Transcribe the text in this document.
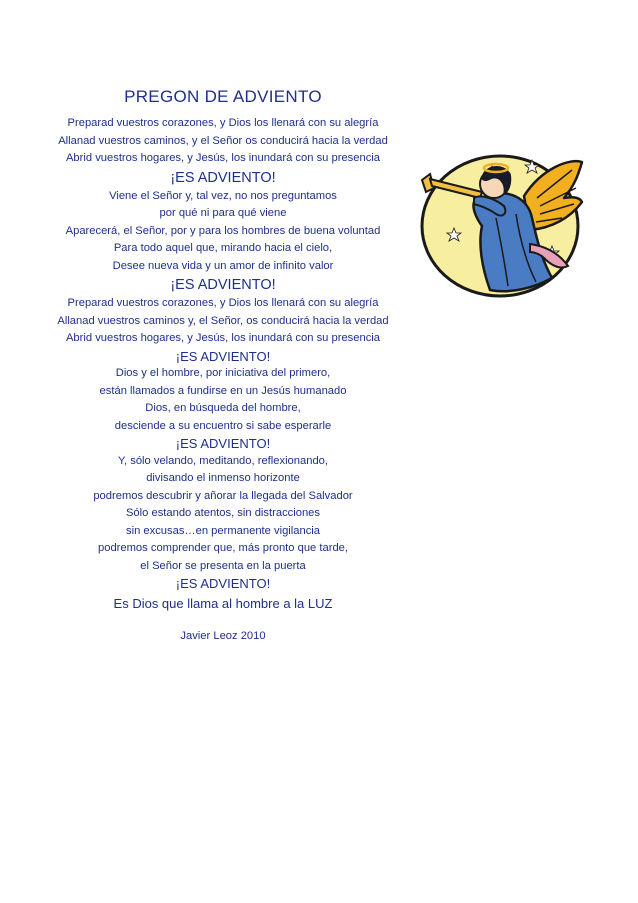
PREGON DE ADVIENTO
Preparad vuestros corazones, y Dios los llenará con su alegría
Allanad vuestros caminos, y el Señor os conducirá hacia la verdad
Abrid vuestros hogares, y Jesús, los inundará con su presencia
¡ES ADVIENTO!
Viene el Señor y, tal vez, no nos preguntamos
por qué ni para qué viene
Aparecerá, el Señor, por y para los hombres de buena voluntad
Para todo aquel que, mirando hacia el cielo,
Desee nueva vida y un amor de infinito valor
¡ES ADVIENTO!
Preparad vuestros corazones, y Dios los llenará con su alegría
Allanad vuestros caminos y, el Señor, os conducirá hacia la verdad
Abrid vuestros hogares, y Jesús, los inundará con su presencia
¡ES ADVIENTO!
Dios y el hombre, por iniciativa del primero,
están llamados a fundirse en un Jesús humanado
Dios, en búsqueda del hombre,
desciende a su encuentro si sabe esperarle
¡ES ADVIENTO!
Y, sólo velando, meditando, reflexionando,
divisando el inmenso horizonte
podremos descubrir y añorar la llegada del Salvador
Sólo estando atentos, sin distracciones
sin excusas…en permanente vigilancia
podremos comprender que, más pronto que tarde,
el Señor se presenta en la puerta
¡ES ADVIENTO!
Es Dios que llama al hombre a la LUZ
Javier Leoz 2010
